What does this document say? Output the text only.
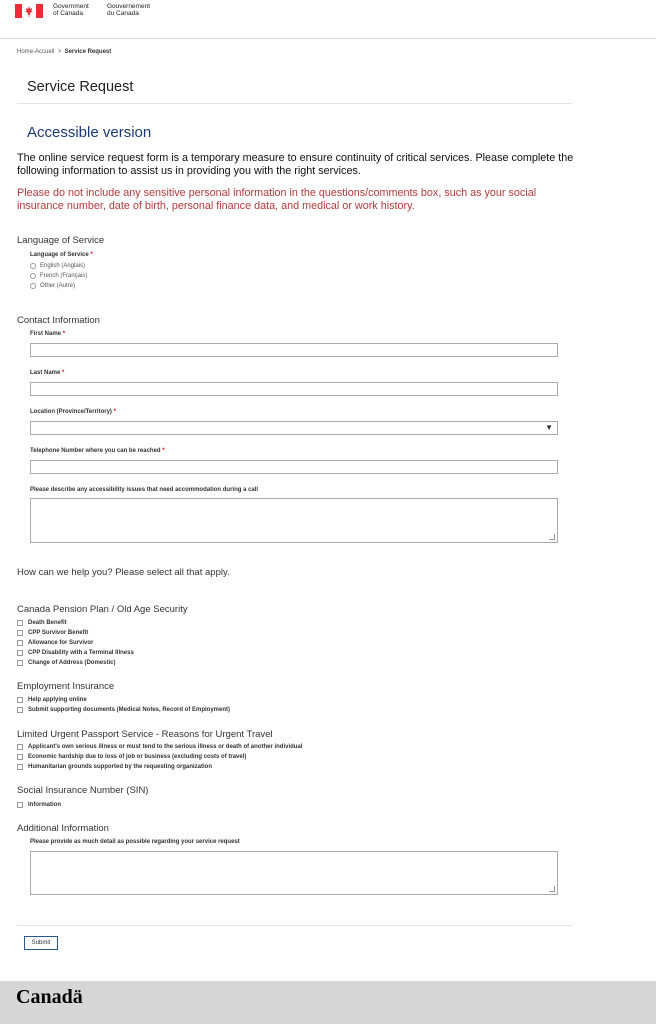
Government
of Canada
Gouvernement
du Canada
Home-Accueil > Service Request
Service Request
Accessible version
The online service request form is a temporary measure to ensure continuity of critical services. Please complete the following information to assist us in providing you with the right services.
Please do not include any sensitive personal information in the questions/comments box, such as your social insurance number, date of birth, personal finance data, and medical or work history.
Language of Service
Language of Service *
English (Anglais)
French (Français)
Other (Autre)
Contact Information
First Name *
Last Name *
Location (Province/Territory) *
▼
Telephone Number where you can be reached *
Please describe any accessibility issues that need accommodation during a call
How can we help you? Please select all that apply.
Canada Pension Plan / Old Age Security
Death Benefit
CPP Survivor Benefit
Allowance for Survivor
CPP Disability with a Terminal Illness
Change of Address (Domestic)
Employment Insurance
Help applying online
Submit supporting documents (Medical Notes, Record of Employment)
Limited Urgent Passport Service - Reasons for Urgent Travel
Applicant's own serious illness or must tend to the serious illness or death of another individual
Economic hardship due to loss of job or business (excluding costs of travel)
Humanitarian grounds supported by the requesting organization
Social Insurance Number (SIN)
Information
Additional Information
Please provide as much detail as possible regarding your service request
Submit
Canadä
